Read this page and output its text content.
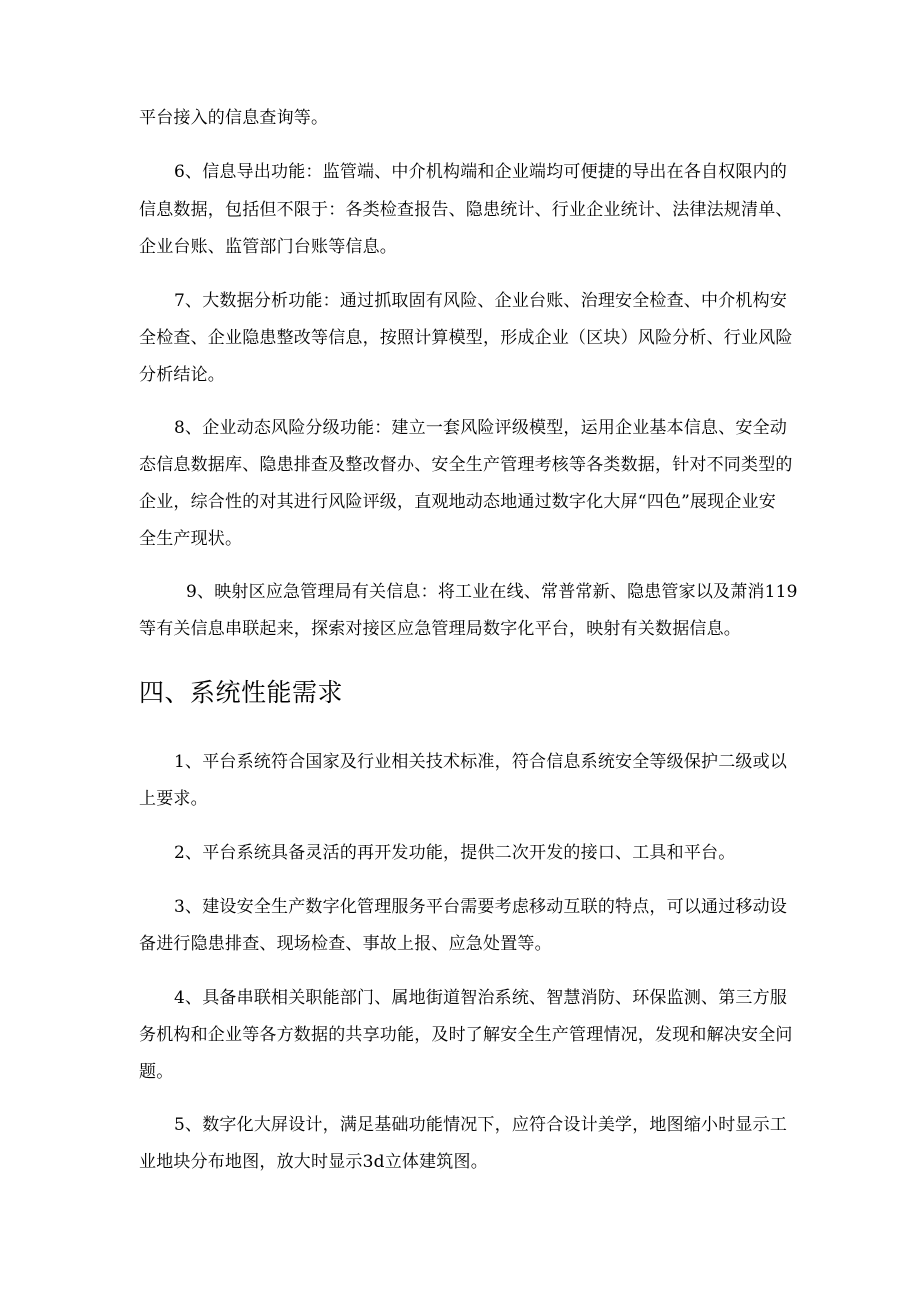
平台接入的信息查询等。
6、信息导出功能：监管端、中介机构端和企业端均可便捷的导出在各自权限内的
信息数据，包括但不限于：各类检查报告、隐患统计、行业企业统计、法律法规清单、
企业台账、监管部门台账等信息。
7、大数据分析功能：通过抓取固有风险、企业台账、治理安全检查、中介机构安
全检查、企业隐患整改等信息，按照计算模型，形成企业（区块）风险分析、行业风险
分析结论。
8、企业动态风险分级功能：建立一套风险评级模型，运用企业基本信息、安全动
态信息数据库、隐患排查及整改督办、安全生产管理考核等各类数据，针对不同类型的
企业，综合性的对其进行风险评级，直观地动态地通过数字化大屏“四色”展现企业安
全生产现状。
9、映射区应急管理局有关信息：将工业在线、常普常新、隐患管家以及萧消119
等有关信息串联起来，探索对接区应急管理局数字化平台，映射有关数据信息。
四、系统性能需求
1、平台系统符合国家及行业相关技术标准，符合信息系统安全等级保护二级或以
上要求。
2、平台系统具备灵活的再开发功能，提供二次开发的接口、工具和平台。
3、建设安全生产数字化管理服务平台需要考虑移动互联的特点，可以通过移动设
备进行隐患排查、现场检查、事故上报、应急处置等。
4、具备串联相关职能部门、属地街道智治系统、智慧消防、环保监测、第三方服
务机构和企业等各方数据的共享功能，及时了解安全生产管理情况，发现和解决安全问
题。
5、数字化大屏设计，满足基础功能情况下，应符合设计美学，地图缩小时显示工
业地块分布地图，放大时显示3d立体建筑图。
